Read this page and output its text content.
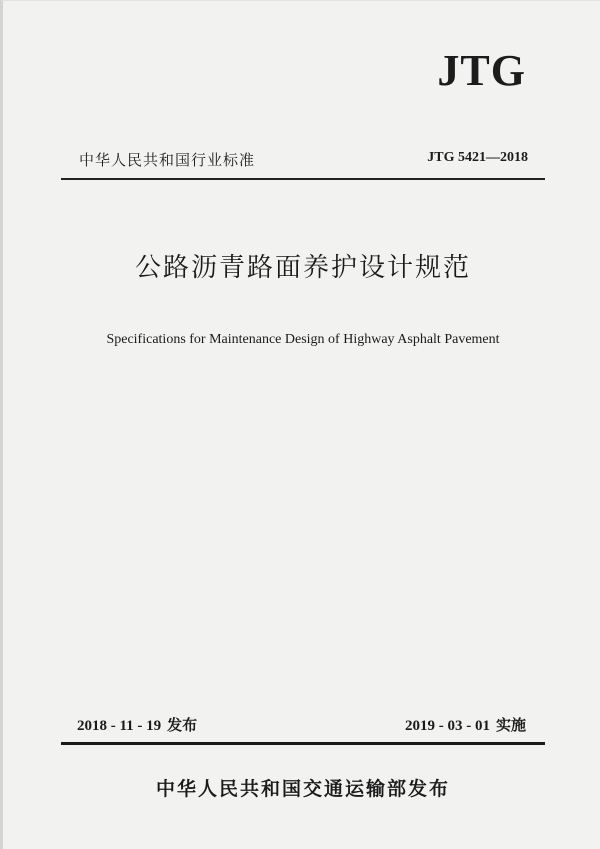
JTG
中华人民共和国行业标准	JTG 5421—2018
公路沥青路面养护设计规范
Specifications for Maintenance Design of Highway Asphalt Pavement
2018 - 11 - 19 发布	2019 - 03 - 01 实施
中华人民共和国交通运输部发布
